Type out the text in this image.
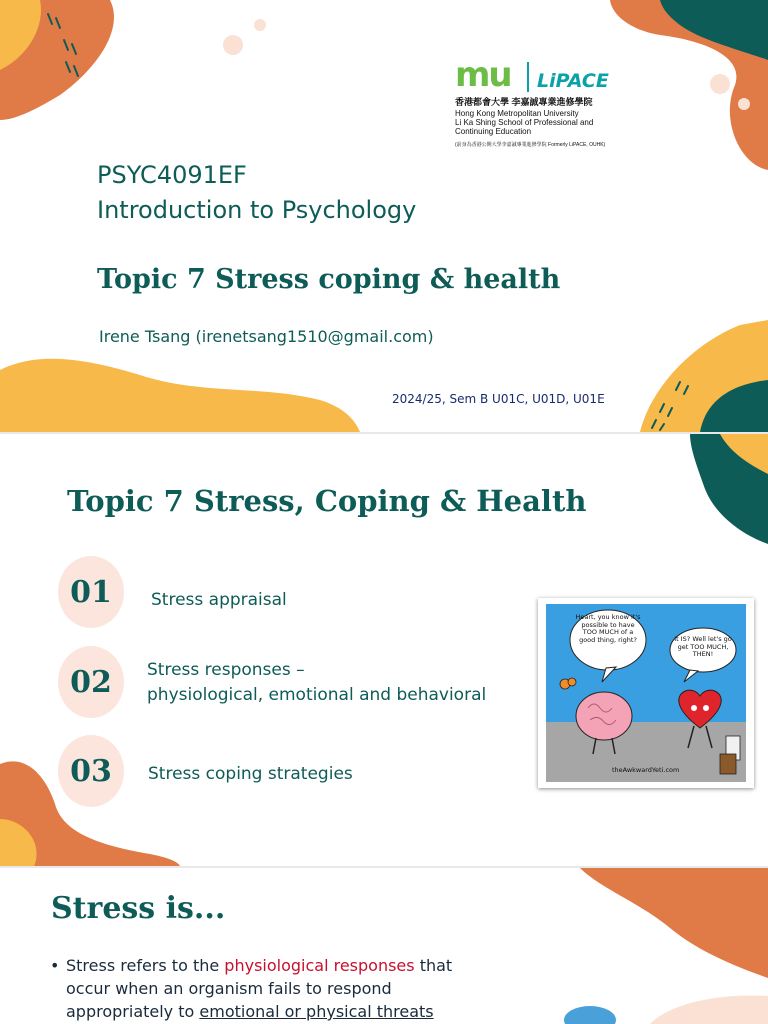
mu LiPACE
香港都會大學 李嘉誠專業進修學院
Hong Kong Metropolitan University
Li Ka Shing School of Professional and
Continuing Education
(前身為香港公開大學李嘉誠專業進修學院 Formerly LiPACE, OUHK)
PSYC4091EF
Introduction to Psychology
Topic 7 Stress coping & health
Irene Tsang (irenetsang1510@gmail.com)
2024/25, Sem B U01C, U01D, U01E
Topic 7 Stress, Coping & Health
01	Stress appraisal
02	Stress responses –
physiological, emotional and behavioral
03	Stress coping strategies
Heart, you know it's possible to have TOO MUCH of a good thing, right?	It IS? Well let's go get TOO MUCH, THEN!
theAwkwardYeti.com
Stress is...
• Stress refers to the physiological responses that occur when an organism fails to respond appropriately to emotional or physical threats
